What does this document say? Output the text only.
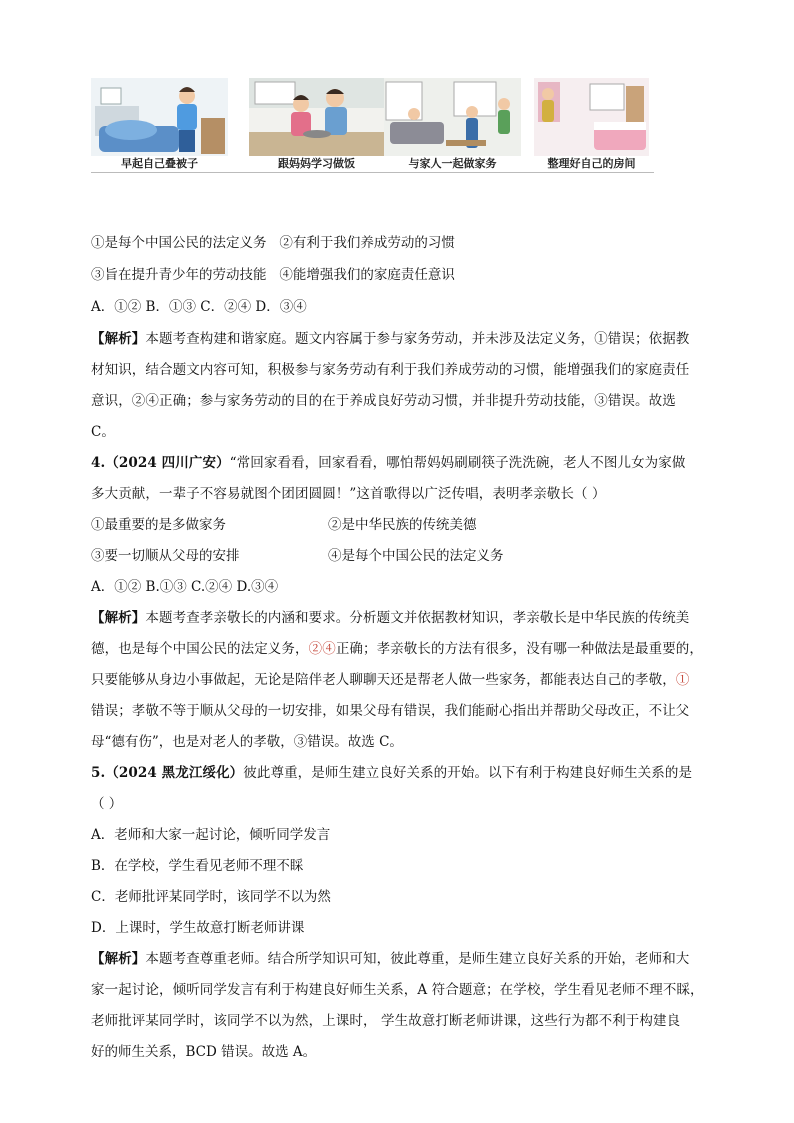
早起自己叠被子	跟妈妈学习做饭	与家人一起做家务	整理好自己的房间
①是每个中国公民的法定义务 ②有利于我们养成劳动的习惯
③旨在提升青少年的劳动技能 ④能增强我们的家庭责任意识
A．①② B．①③ C．②④ D．③④
【解析】本题考查构建和谐家庭。题文内容属于参与家务劳动，并未涉及法定义务，①错误；依据教
材知识，结合题文内容可知，积极参与家务劳动有利于我们养成劳动的习惯，能增强我们的家庭责任
意识，②④正确；参与家务劳动的目的在于养成良好劳动习惯，并非提升劳动技能，③错误。故选
C。
4.（2024 四川广安）“常回家看看，回家看看，哪怕帮妈妈刷刷筷子洗洗碗，老人不图儿女为家做
多大贡献，一辈子不容易就图个团团圆圆！”这首歌得以广泛传唱，表明孝亲敬长（ ）
①最重要的是多做家务	②是中华民族的传统美德
③要一切顺从父母的安排	④是每个中国公民的法定义务
A．①② B.①③ C.②④ D.③④
【解析】本题考查孝亲敬长的内涵和要求。分析题文并依据教材知识，孝亲敬长是中华民族的传统美
德，也是每个中国公民的法定义务，②④正确；孝亲敬长的方法有很多，没有哪一种做法是最重要的，
只要能够从身边小事做起，无论是陪伴老人聊聊天还是帮老人做一些家务，都能表达自己的孝敬，①
错误；孝敬不等于顺从父母的一切安排，如果父母有错误，我们能耐心指出并帮助父母改正，不让父
母“德有伤”，也是对老人的孝敬，③错误。故选 C。
5.（2024 黑龙江绥化）彼此尊重，是师生建立良好关系的开始。以下有利于构建良好师生关系的是
（ ）
A．老师和大家一起讨论，倾听同学发言
B．在学校，学生看见老师不理不睬
C．老师批评某同学时，该同学不以为然
D．上课时，学生故意打断老师讲课
【解析】本题考查尊重老师。结合所学知识可知，彼此尊重，是师生建立良好关系的开始，老师和大
家一起讨论，倾听同学发言有利于构建良好师生关系，A 符合题意；在学校，学生看见老师不理不睬，
老师批评某同学时，该同学不以为然，上课时， 学生故意打断老师讲课，这些行为都不利于构建良
好的师生关系，BCD 错误。故选 A。
